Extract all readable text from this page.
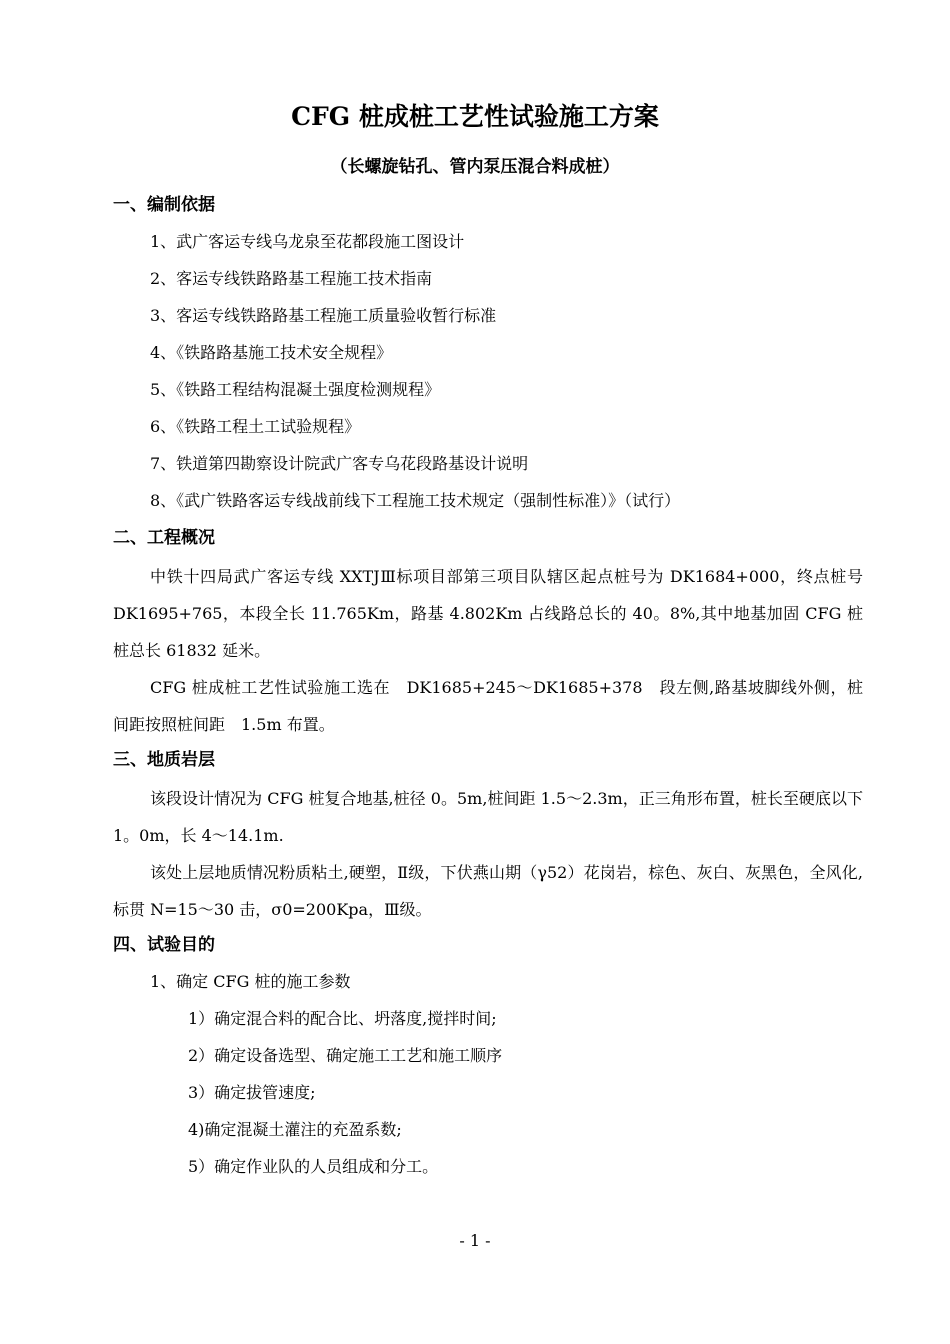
CFG 桩成桩工艺性试验施工方案
（长螺旋钻孔、管内泵压混合料成桩）
一、编制依据
1、武广客运专线乌龙泉至花都段施工图设计
2、客运专线铁路路基工程施工技术指南
3、客运专线铁路路基工程施工质量验收暂行标准
4、《铁路路基施工技术安全规程》
5、《铁路工程结构混凝土强度检测规程》
6、《铁路工程土工试验规程》
7、铁道第四勘察设计院武广客专乌花段路基设计说明
8、《武广铁路客运专线战前线下工程施工技术规定（强制性标准）》（试行）
二、工程概况

中铁十四局武广客运专线 XXTJⅢ标项目部第三项目队辖区起点桩号为 DK1684+000，终点桩号 DK1695+765，本段全长 11.765Km，路基 4.802Km 占线路总长的 40。8%,其中地基加固 CFG 桩桩总长 61832 延米。

CFG 桩成桩工艺性试验施工选在　DK1685+245～DK1685+378　段左侧,路基坡脚线外侧，桩间距按照桩间距　1.5m 布置。

三、地质岩层

该段设计情况为 CFG 桩复合地基,桩径 0。5m,桩间距 1.5～2.3m，正三角形布置，桩长至硬底以下 1。0m，长 4～14.1m.

该处上层地质情况粉质粘土,硬塑，Ⅱ级，下伏燕山期（γ52）花岗岩，棕色、灰白、灰黑色，全风化,标贯 N=15～30 击，σ0=200Kpa，Ⅲ级。

四、试验目的
1、确定 CFG 桩的施工参数
1）确定混合料的配合比、坍落度,搅拌时间;
2）确定设备选型、确定施工工艺和施工顺序
3）确定拔管速度;
4)确定混凝土灌注的充盈系数;
5）确定作业队的人员组成和分工。
- 1 -
